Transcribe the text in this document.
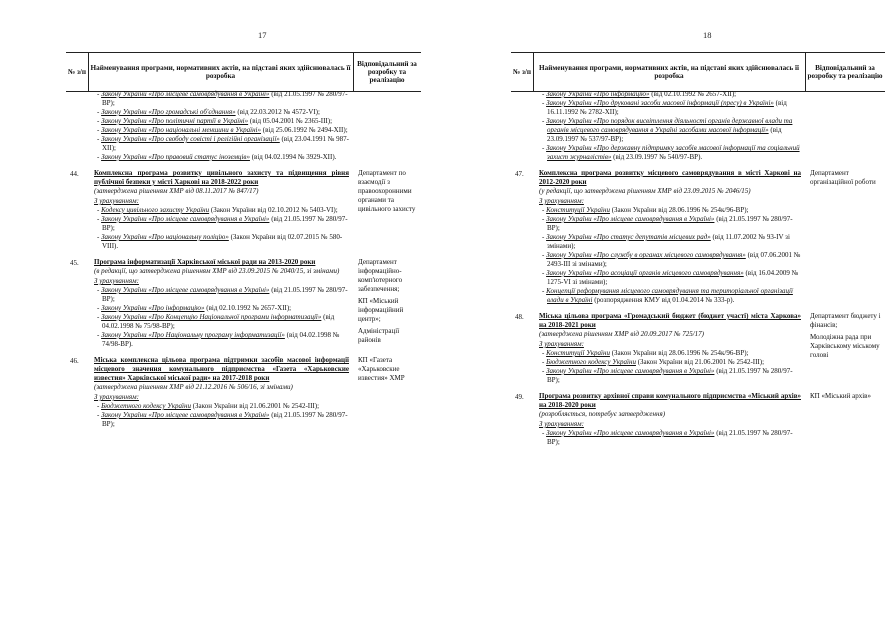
17
№ з/п
Найменування програми, нормативних актів, на підставі яких здійснювалась її розробка
Відповідальний за розробку та реалізацію
- Закону України «Про місцеве самоврядування в Україні» (від 21.05.1997 № 280/97-ВР);
- Закону України «Про громадські об'єднання» (від 22.03.2012 № 4572-VI);
- Закону України «Про політичні партії в Україні» (від 05.04.2001 № 2365-III);
- Закону України «Про національні меншини в Україні» (від 25.06.1992 № 2494-XII);
- Закону України «Про свободу совісті і релігійні організації» (від 23.04.1991 № 987-XII);
- Закону України «Про правовий статус іноземців» (від 04.02.1994 № 3929-XII).
44.	Комплексна програма розвитку цивільного захисту та підвищення рівня публічної безпеки у місті Харкові на 2018-2022 роки
(затверджена рішенням ХМР від 08.11.2017 № 847/17)
З урахуванням:
- Кодексу цивільного захисту України (Закон України від 02.10.2012 № 5403-VI);
- Закону України «Про місцеве самоврядування в Україні» (від 21.05.1997 № 280/97-ВР);
- Закону України «Про національну поліцію» (Закон України від 02.07.2015 № 580-VIII).

Департамент по взаємодії з правоохоронними органами та цивільного захисту

45.	Програма інформатизації Харківської міської ради на 2013-2020 роки
(в редакції, що затверджена рішенням ХМР від 23.09.2015 № 2040/15, зі змінами)
З урахуванням:
- Закону України «Про місцеве самоврядування в Україні» (від 21.05.1997 № 280/97-ВР);
- Закону України «Про інформацію» (від 02.10.1992 № 2657-XII);
- Закону України «Про Концепцію Національної програми інформатизації» (від 04.02.1998 № 75/98-ВР);
- Закону України «Про Національну програму інформатизації» (від 04.02.1998 № 74/98-ВР).

Департамент інформаційно-комп'ютерного забезпечення;

КП «Міський інформаційний центр»;

Адміністрації районів

46.	Міська комплексна цільова програма підтримки засобів масової інформації місцевого значення комунального підприємства «Газета «Харьковские известия» Харківської міської ради» на 2017-2018 роки
(затверджена рішенням ХМР від 21.12.2016 № 506/16, зі змінами)
З урахуванням:
- Бюджетного кодексу України (Закон України від 21.06.2001 № 2542-III);
- Закону України «Про місцеве самоврядування в Україні» (від 21.05.1997 № 280/97-ВР);

КП «Газета «Харьковские известия» ХМР

18
№ з/п
Найменування програми, нормативних актів, на підставі яких здійснювалась її розробка
Відповідальний за розробку та реалізацію
- Закону України «Про інформацію» (від 02.10.1992 № 2657-XII);
- Закону України «Про друковані засоби масової інформації (пресу) в Україні» (від 16.11.1992 № 2782-XII);
- Закону України «Про порядок висвітлення діяльності органів державної влади та органів місцевого самоврядування в Україні засобами масової інформації» (від 23.09.1997 № 537/97-ВР);
- Закону України «Про державну підтримку засобів масової інформації та соціальний захист журналістів» (від 23.09.1997 № 540/97-ВР).
47.	Комплексна програма розвитку місцевого самоврядування в місті Харкові на 2012-2020 роки
(у редакції, що затверджена рішенням ХМР від 23.09.2015 № 2046/15)
З урахуванням:
- Конституції України (Закон України від 28.06.1996 № 254к/96-ВР);
- Закону України «Про місцеве самоврядування в Україні» (від 21.05.1997 № 280/97-ВР);
- Закону України «Про статус депутатів місцевих рад» (від 11.07.2002 № 93-IV зі змінами);
- Закону України «Про службу в органах місцевого самоврядування» (від 07.06.2001 № 2493-III зі змінами);
- Закону України «Про асоціації органів місцевого самоврядування» (від 16.04.2009 № 1275-VI зі змінами);
- Концепції реформування місцевого самоврядування та територіальної організації влади в Україні (розпорядження КМУ від 01.04.2014 № 333-р).

Департамент організаційної роботи

48.	Міська цільова програма «Громадський бюджет (бюджет участі) міста Харкова» на 2018-2021 роки
(затверджена рішенням ХМР від 20.09.2017 № 725/17)
З урахуванням:
- Конституції України (Закон України від 28.06.1996 № 254к/96-ВР);
- Бюджетного кодексу України (Закон України від 21.06.2001 № 2542-III);
- Закону України «Про місцеве самоврядування в Україні» (від 21.05.1997 № 280/97-ВР);

Департамент бюджету і фінансів;

Молодіжна рада при Харківському міському голові

49.	Програма розвитку архівної справи комунального підприємства «Міський архів» на 2018-2020 роки
(розробляється, потребує затвердження)
З урахуванням:
- Закону України «Про місцеве самоврядування в Україні» (від 21.05.1997 № 280/97-ВР);

КП «Міський архів»
